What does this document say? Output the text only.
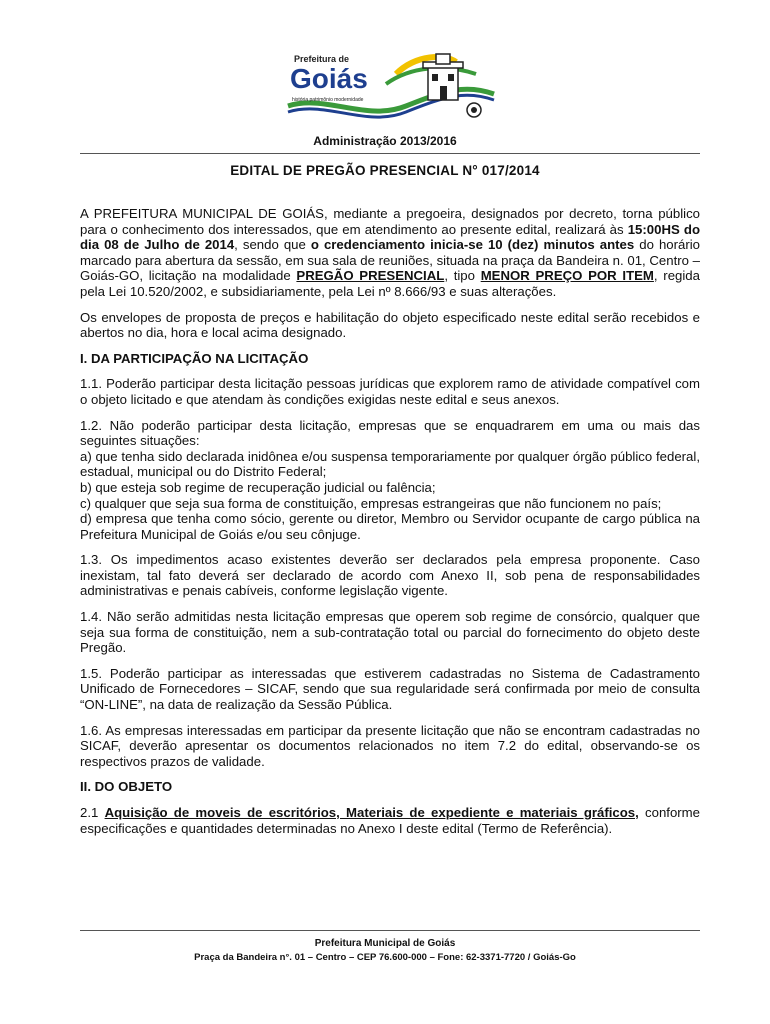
Prefeitura de
Goiás
história patrimônio modernidade
Administração 2013/2016
EDITAL DE PREGÃO PRESENCIAL N° 017/2014

A PREFEITURA MUNICIPAL DE GOIÁS, mediante a pregoeira, designados por decreto, torna público para o conhecimento dos interessados, que em atendimento ao presente edital, realizará às 15:00HS do dia 08 de Julho de 2014, sendo que o credenciamento inicia-se 10 (dez) minutos antes do horário marcado para abertura da sessão, em sua sala de reuniões, situada na praça da Bandeira n. 01, Centro – Goiás-GO, licitação na modalidade PREGÃO PRESENCIAL, tipo MENOR PREÇO POR ITEM, regida pela Lei 10.520/2002, e subsidiariamente, pela Lei nº 8.666/93 e suas alterações.

Os envelopes de proposta de preços e habilitação do objeto especificado neste edital serão recebidos e abertos no dia, hora e local acima designado.

I. DA PARTICIPAÇÃO NA LICITAÇÃO

1.1. Poderão participar desta licitação pessoas jurídicas que explorem ramo de atividade compatível com o objeto licitado e que atendam às condições exigidas neste edital e seus anexos.

1.2. Não poderão participar desta licitação, empresas que se enquadrarem em uma ou mais das seguintes situações:
a) que tenha sido declarada inidônea e/ou suspensa temporariamente por qualquer órgão público federal, estadual, municipal ou do Distrito Federal;
b) que esteja sob regime de recuperação judicial ou falência;
c) qualquer que seja sua forma de constituição, empresas estrangeiras que não funcionem no país;
d) empresa que tenha como sócio, gerente ou diretor, Membro ou Servidor ocupante de cargo pública na Prefeitura Municipal de Goiás e/ou seu cônjuge.

1.3. Os impedimentos acaso existentes deverão ser declarados pela empresa proponente. Caso inexistam, tal fato deverá ser declarado de acordo com Anexo II, sob pena de responsabilidades administrativas e penais cabíveis, conforme legislação vigente.

1.4. Não serão admitidas nesta licitação empresas que operem sob regime de consórcio, qualquer que seja sua forma de constituição, nem a sub-contratação total ou parcial do fornecimento do objeto deste Pregão.

1.5. Poderão participar as interessadas que estiverem cadastradas no Sistema de Cadastramento Unificado de Fornecedores – SICAF, sendo que sua regularidade será confirmada por meio de consulta “ON-LINE”, na data de realização da Sessão Pública.

1.6. As empresas interessadas em participar da presente licitação que não se encontram cadastradas no SICAF, deverão apresentar os documentos relacionados no item 7.2 do edital, observando-se os respectivos prazos de validade.

II. DO OBJETO

2.1 Aquisição de moveis de escritórios, Materiais de expediente e materiais gráficos, conforme especificações e quantidades determinadas no Anexo I deste edital (Termo de Referência).

Prefeitura Municipal de Goiás
Praça da Bandeira n°. 01 – Centro – CEP 76.600-000 – Fone: 62-3371-7720 / Goiás-Go
